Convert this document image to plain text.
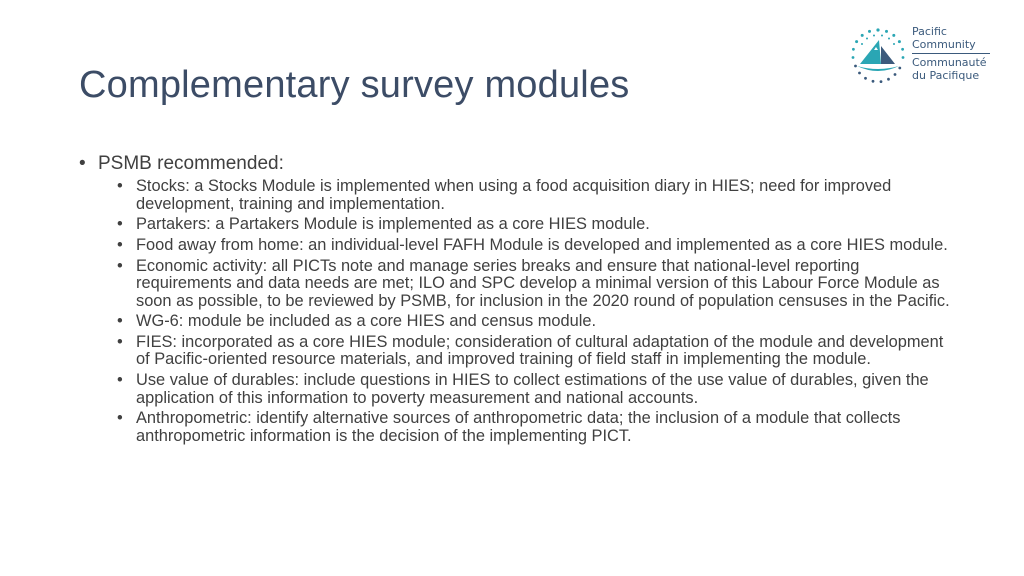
Complementary survey modules
Pacific
Community
Communauté
du Pacifique
• PSMB recommended:
• Stocks: a Stocks Module is implemented when using a food acquisition diary in HIES; need for improved development, training and implementation.
• Partakers: a Partakers Module is implemented as a core HIES module.
• Food away from home: an individual-level FAFH Module is developed and implemented as a core HIES module.
• Economic activity: all PICTs note and manage series breaks and ensure that national-level reporting requirements and data needs are met; ILO and SPC develop a minimal version of this Labour Force Module as soon as possible, to be reviewed by PSMB, for inclusion in the 2020 round of population censuses in the Pacific.
• WG-6: module be included as a core HIES and census module.
• FIES: incorporated as a core HIES module; consideration of cultural adaptation of the module and development of Pacific-oriented resource materials, and improved training of field staff in implementing the module.
• Use value of durables: include questions in HIES to collect estimations of the use value of durables, given the application of this information to poverty measurement and national accounts.
• Anthropometric: identify alternative sources of anthropometric data; the inclusion of a module that collects anthropometric information is the decision of the implementing PICT.
